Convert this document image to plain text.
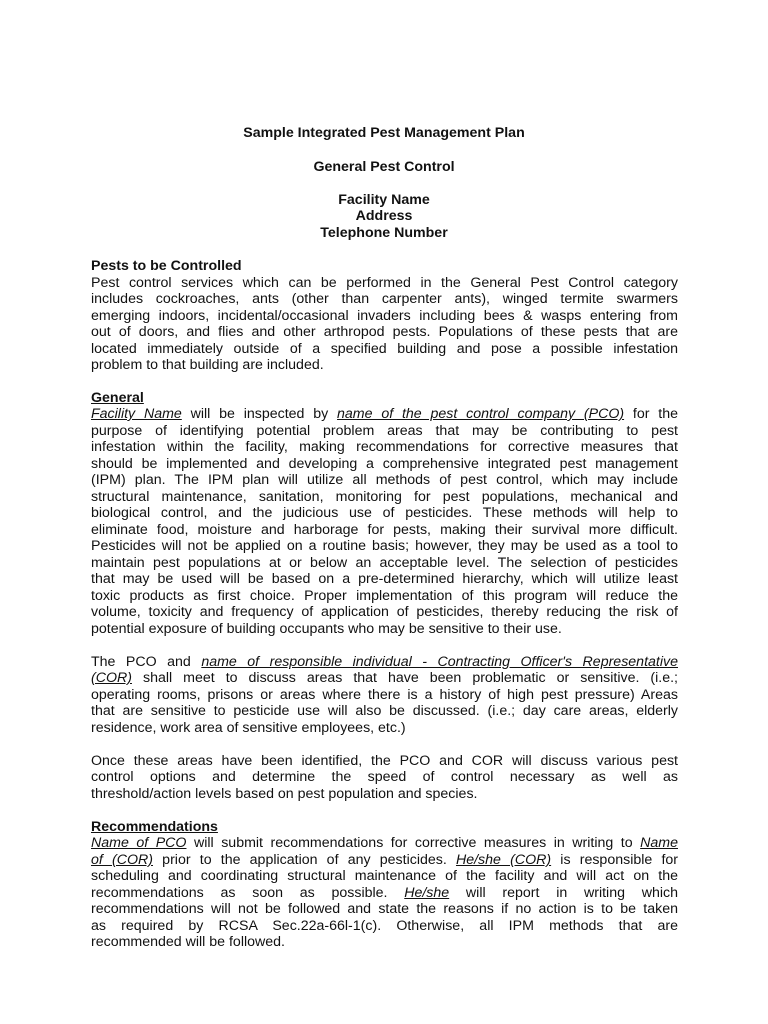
Sample Integrated Pest Management Plan
General Pest Control
Facility Name
Address
Telephone Number
Pests to be Controlled
Pest control services which can be performed in the General Pest Control category
includes cockroaches, ants (other than carpenter ants), winged termite swarmers
emerging indoors, incidental/occasional invaders including bees & wasps entering from
out of doors, and flies and other arthropod pests. Populations of these pests that are
located immediately outside of a specified building and pose a possible infestation
problem to that building are included.
General
Facility Name will be inspected by name of the pest control company (PCO) for the
purpose of identifying potential problem areas that may be contributing to pest
infestation within the facility, making recommendations for corrective measures that
should be implemented and developing a comprehensive integrated pest management
(IPM) plan. The IPM plan will utilize all methods of pest control, which may include
structural maintenance, sanitation, monitoring for pest populations, mechanical and
biological control, and the judicious use of pesticides. These methods will help to
eliminate food, moisture and harborage for pests, making their survival more difficult.
Pesticides will not be applied on a routine basis; however, they may be used as a tool to
maintain pest populations at or below an acceptable level. The selection of pesticides
that may be used will be based on a pre-determined hierarchy, which will utilize least
toxic products as first choice. Proper implementation of this program will reduce the
volume, toxicity and frequency of application of pesticides, thereby reducing the risk of
potential exposure of building occupants who may be sensitive to their use.
The PCO and name of responsible individual - Contracting Officer's Representative
(COR) shall meet to discuss areas that have been problematic or sensitive. (i.e.;
operating rooms, prisons or areas where there is a history of high pest pressure) Areas
that are sensitive to pesticide use will also be discussed. (i.e.; day care areas, elderly
residence, work area of sensitive employees, etc.)
Once these areas have been identified, the PCO and COR will discuss various pest
control options and determine the speed of control necessary as well as
threshold/action levels based on pest population and species.
Recommendations
Name of PCO will submit recommendations for corrective measures in writing to Name
of (COR) prior to the application of any pesticides. He/she (COR) is responsible for
scheduling and coordinating structural maintenance of the facility and will act on the
recommendations as soon as possible. He/she will report in writing which
recommendations will not be followed and state the reasons if no action is to be taken
as required by RCSA Sec.22a-66l-1(c). Otherwise, all IPM methods that are
recommended will be followed.
